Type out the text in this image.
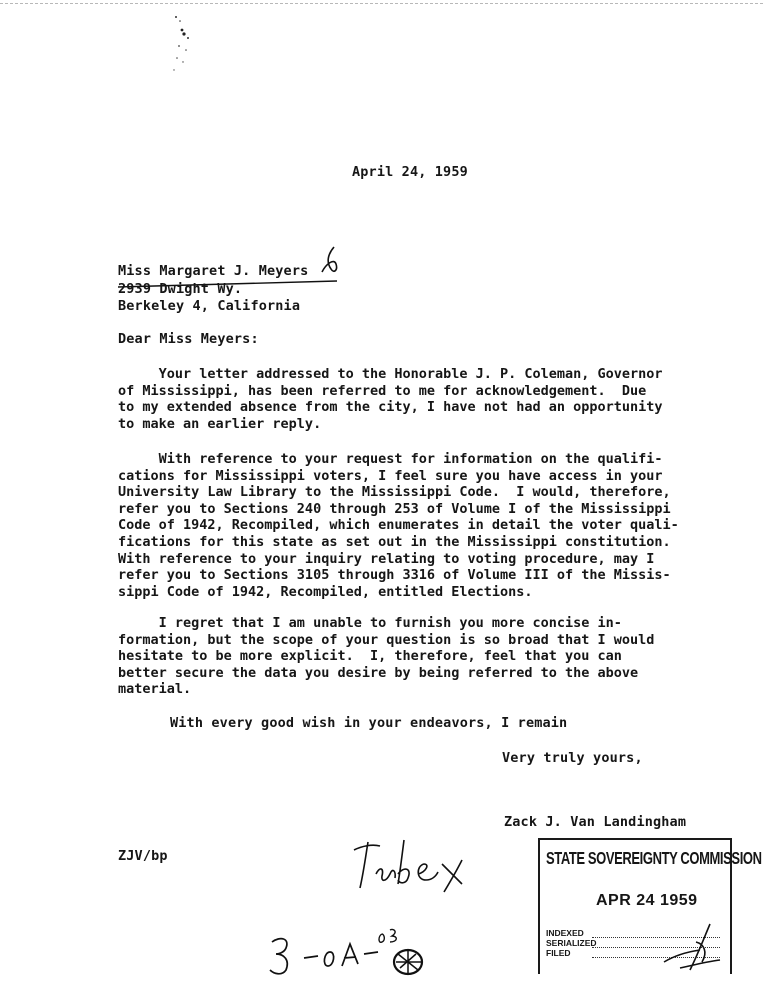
April 24, 1959
Miss Margaret J. Meyers
2939 Dwight Wy.
Berkeley 4, California
Dear Miss Meyers:
Your letter addressed to the Honorable J. P. Coleman, Governor
of Mississippi, has been referred to me for acknowledgement.  Due
to my extended absence from the city, I have not had an opportunity
to make an earlier reply.
With reference to your request for information on the qualifi-
cations for Mississippi voters, I feel sure you have access in your
University Law Library to the Mississippi Code.  I would, therefore,
refer you to Sections 240 through 253 of Volume I of the Mississippi
Code of 1942, Recompiled, which enumerates in detail the voter quali-
fications for this state as set out in the Mississippi constitution.
With reference to your inquiry relating to voting procedure, may I
refer you to Sections 3105 through 3316 of Volume III of the Missis-
sippi Code of 1942, Recompiled, entitled Elections.
I regret that I am unable to furnish you more concise in-
formation, but the scope of your question is so broad that I would
hesitate to be more explicit.  I, therefore, feel that you can
better secure the data you desire by being referred to the above
material.
With every good wish in your endeavors, I remain
Very truly yours,
Zack J. Van Landingham
ZJV/bp	STATE SOVEREIGNTY COMMISSION
APR 24 1959
INDEXED
SERIALIZED
FILED
